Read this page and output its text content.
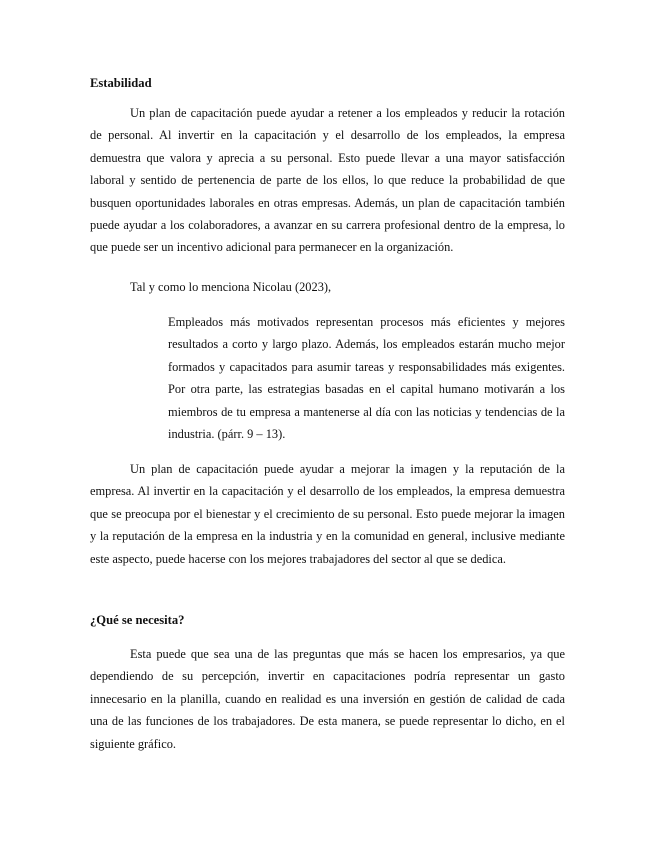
Estabilidad

Un plan de capacitación puede ayudar a retener a los empleados y reducir la rotación de personal. Al invertir en la capacitación y el desarrollo de los empleados, la empresa demuestra que valora y aprecia a su personal. Esto puede llevar a una mayor satisfacción laboral y sentido de pertenencia de parte de los ellos, lo que reduce la probabilidad de que busquen oportunidades laborales en otras empresas. Además, un plan de capacitación también puede ayudar a los colaboradores, a avanzar en su carrera profesional dentro de la empresa, lo que puede ser un incentivo adicional para permanecer en la organización.

Tal y como lo menciona Nicolau (2023),

Empleados más motivados representan procesos más eficientes y mejores resultados a corto y largo plazo. Además, los empleados estarán mucho mejor formados y capacitados para asumir tareas y responsabilidades más exigentes. Por otra parte, las estrategias basadas en el capital humano motivarán a los miembros de tu empresa a mantenerse al día con las noticias y tendencias de la industria. (párr. 9 – 13).

Un plan de capacitación puede ayudar a mejorar la imagen y la reputación de la empresa. Al invertir en la capacitación y el desarrollo de los empleados, la empresa demuestra que se preocupa por el bienestar y el crecimiento de su personal. Esto puede mejorar la imagen y la reputación de la empresa en la industria y en la comunidad en general, inclusive mediante este aspecto, puede hacerse con los mejores trabajadores del sector al que se dedica.

¿Qué se necesita?

Esta puede que sea una de las preguntas que más se hacen los empresarios, ya que dependiendo de su percepción, invertir en capacitaciones podría representar un gasto innecesario en la planilla, cuando en realidad es una inversión en gestión de calidad de cada una de las funciones de los trabajadores. De esta manera, se puede representar lo dicho, en el siguiente gráfico.
